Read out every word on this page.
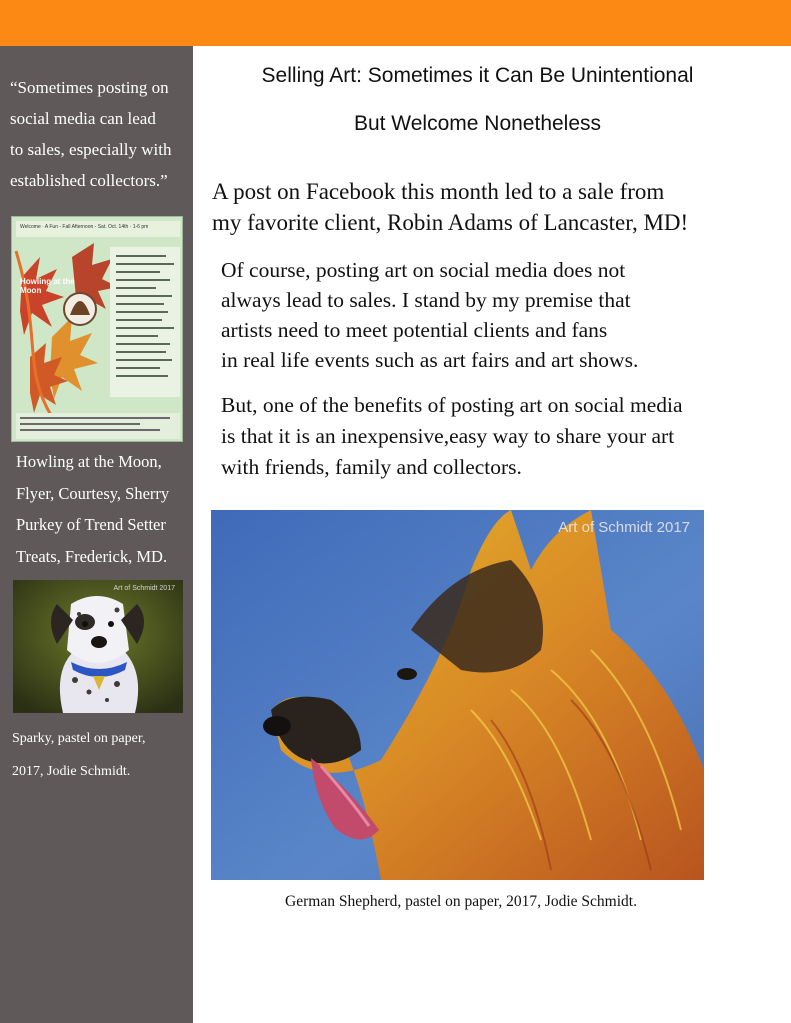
“Sometimes posting on
social media can lead
to sales, especially with
established collectors.”
Welcome · A Fun - Fall Afternoon - Sat. Oct. 14th · 1-6 pm
Howling at the Moon
Howling at the Moon,
Flyer, Courtesy, Sherry
Purkey of Trend Setter
Treats, Frederick, MD.
Art of Schmidt 2017
Sparky, pastel on paper,
2017, Jodie Schmidt.
Selling Art: Sometimes it Can Be Unintentional
But Welcome Nonetheless

A post on Facebook this month led to a sale from
my favorite client, Robin Adams of Lancaster, MD!

Of course, posting art on social media does not
always lead to sales. I stand by my premise that
artists need to meet potential clients and fans
in real life events such as art fairs and art shows.

But, one of the benefits of posting art on social media
is that it is an inexpensive,easy way to share your art
with friends, family and collectors.

Art of Schmidt 2017

German Shepherd, pastel on paper, 2017, Jodie Schmidt.
